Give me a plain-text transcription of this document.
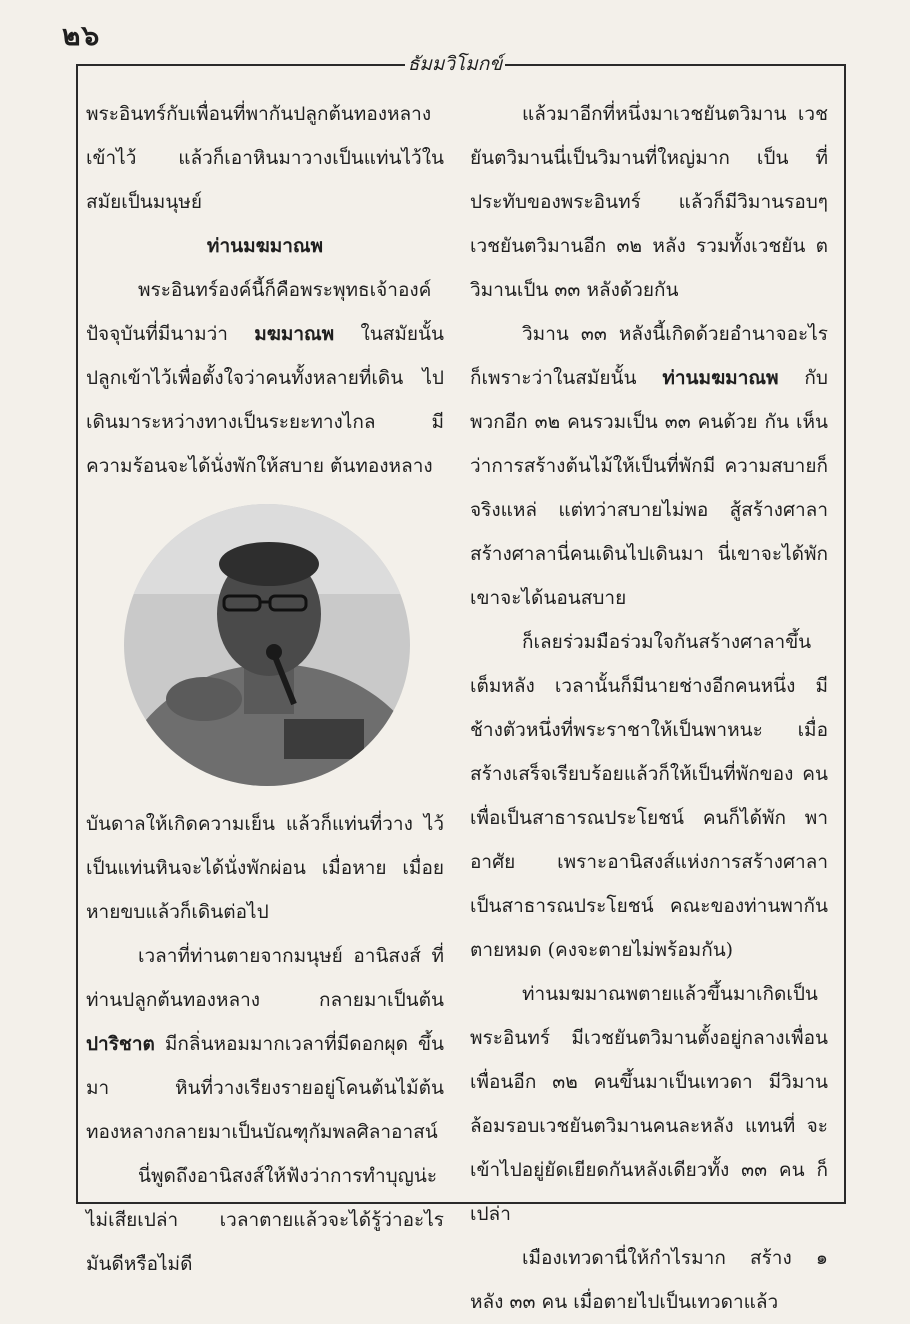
๒๖
ธัมมวิโมกข์

พระอินทร์กับเพื่อนที่พากันปลูกต้นทองหลาง เข้าไว้ แล้วก็เอาหินมาวางเป็นแท่นไว้ใน สมัยเป็นมนุษย์

ท่านมฆมาณพ

พระอินทร์องค์นี้ก็คือพระพุทธเจ้าองค์ ปัจจุบันที่มีนามว่า มฆมาณพ ในสมัยนั้น ปลูกเข้าไว้เพื่อตั้งใจว่าคนทั้งหลายที่เดิน ไปเดินมาระหว่างทางเป็นระยะทางไกล มี ความร้อนจะได้นั่งพักให้สบาย ต้นทองหลาง

บันดาลให้เกิดความเย็น แล้วก็แท่นที่วาง ไว้เป็นแท่นหินจะได้นั่งพักผ่อน เมื่อหาย เมื่อยหายขบแล้วก็เดินต่อไป

เวลาที่ท่านตายจากมนุษย์ อานิสงส์ ที่ท่านปลูกต้นทองหลาง กลายมาเป็นต้น ปาริชาต มีกลิ่นหอมมากเวลาที่มีดอกผุด ขึ้นมา หินที่วางเรียงรายอยู่โคนต้นไม้ต้น ทองหลางกลายมาเป็นบัณฑุกัมพลศิลาอาสน์

นี่พูดถึงอานิสงส์ให้ฟังว่าการทำบุญน่ะ ไม่เสียเปล่า เวลาตายแล้วจะได้รู้ว่าอะไร มันดีหรือไม่ดี

แล้วมาอีกที่หนึ่งมาเวชยันตวิมาน เวชยันตวิมานนี่เป็นวิมานที่ใหญ่มาก เป็น ที่ประทับของพระอินทร์ แล้วก็มีวิมานรอบๆ เวชยันตวิมานอีก ๓๒ หลัง รวมทั้งเวชยัน ตวิมานเป็น ๓๓ หลังด้วยกัน

วิมาน ๓๓ หลังนี้เกิดด้วยอำนาจอะไร ก็เพราะว่าในสมัยนั้น ท่านมฆมาณพ กับ พวกอีก ๓๒ คนรวมเป็น ๓๓ คนด้วย กัน เห็นว่าการสร้างต้นไม้ให้เป็นที่พักมี ความสบายก็จริงแหล่ แต่ทว่าสบายไม่พอ สู้สร้างศาลา สร้างศาลานี่คนเดินไปเดินมา นี่เขาจะได้พัก เขาจะได้นอนสบาย

ก็เลยร่วมมือร่วมใจกันสร้างศาลาขึ้น เต็มหลัง เวลานั้นก็มีนายช่างอีกคนหนึ่ง มี ช้างตัวหนึ่งที่พระราชาให้เป็นพาหนะ เมื่อ สร้างเสร็จเรียบร้อยแล้วก็ให้เป็นที่พักของ คนเพื่อเป็นสาธารณประโยชน์ คนก็ได้พัก พาอาศัย เพราะอานิสงส์แห่งการสร้างศาลา เป็นสาธารณประโยชน์ คณะของท่านพากัน ตายหมด (คงจะตายไม่พร้อมกัน)

ท่านมฆมาณพตายแล้วขึ้นมาเกิดเป็น พระอินทร์ มีเวชยันตวิมานตั้งอยู่กลางเพื่อน เพื่อนอีก ๓๒ คนขึ้นมาเป็นเทวดา มีวิมาน ล้อมรอบเวชยันตวิมานคนละหลัง แทนที่ จะเข้าไปอยู่ยัดเยียดกันหลังเดียวทั้ง ๓๓ คน ก็เปล่า

เมืองเทวดานี่ให้กำไรมาก สร้าง ๑ หลัง ๓๓ คน เมื่อตายไปเป็นเทวดาแล้ว
